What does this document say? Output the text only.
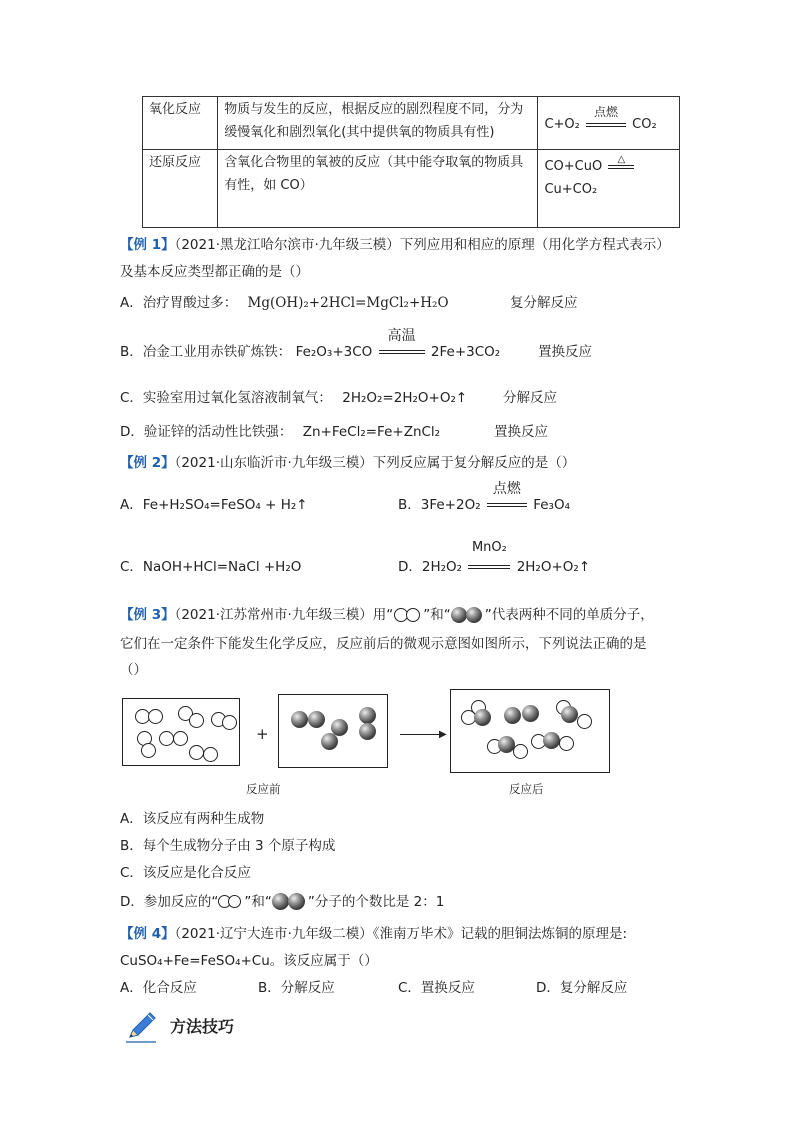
氧化反应	物质与发生的反应，根据反应的剧烈程度不同，分为缓慢氧化和剧烈氧化(其中提供氧的物质具有性)	C+O₂
点燃
CO₂
还原反应	含氧化合物里的氧被的反应（其中能夺取氧的物质具有性，如 CO）	CO+CuO △
Cu+CO₂
【例 1】（2021·黑龙江哈尔滨市·九年级三模）下列应用和相应的原理（用化学方程式表示）
及基本反应类型都正确的是（）
A．治疗胃酸过多： Mg(OH)₂+2HCl=MgCl₂+H₂O	复分解反应
B．冶金工业用赤铁矿炼铁： Fe₂O₃+3CO
高温
2Fe+3CO₂	置换反应
C．实验室用过氧化氢溶液制氧气： 2H₂O₂=2H₂O+O₂↑	分解反应
D．验证锌的活动性比铁强： Zn+FeCl₂=Fe+ZnCl₂	置换反应
【例 2】（2021·山东临沂市·九年级三模）下列反应属于复分解反应的是（）
A．Fe+H₂SO₄=FeSO₄ + H₂↑	B．3Fe+2O₂
点燃
Fe₃O₄
C．NaOH+HCl=NaCl +H₂O	D．2H₂O₂
MnO₂
2H₂O+O₂↑
【例 3】（2021·江苏常州市·九年级三模）用“ ”和“	”代表两种不同的单质分子，
它们在一定条件下能发生化学反应，反应前后的微观示意图如图所示，下列说法正确的是
（）
+	▶
反应前	反应后
A．该反应有两种生成物
B．每个生成物分子由 3 个原子构成
C．该反应是化合反应
D．参加反应的“ ”和“	”分子的个数比是 2：1
【例 4】（2021·辽宁大连市·九年级二模）《淮南万毕术》记载的胆铜法炼铜的原理是:
CuSO₄+Fe=FeSO₄+Cu。该反应属于（）
A．化合反应	B．分解反应	C．置换反应	D．复分解反应
方法技巧
